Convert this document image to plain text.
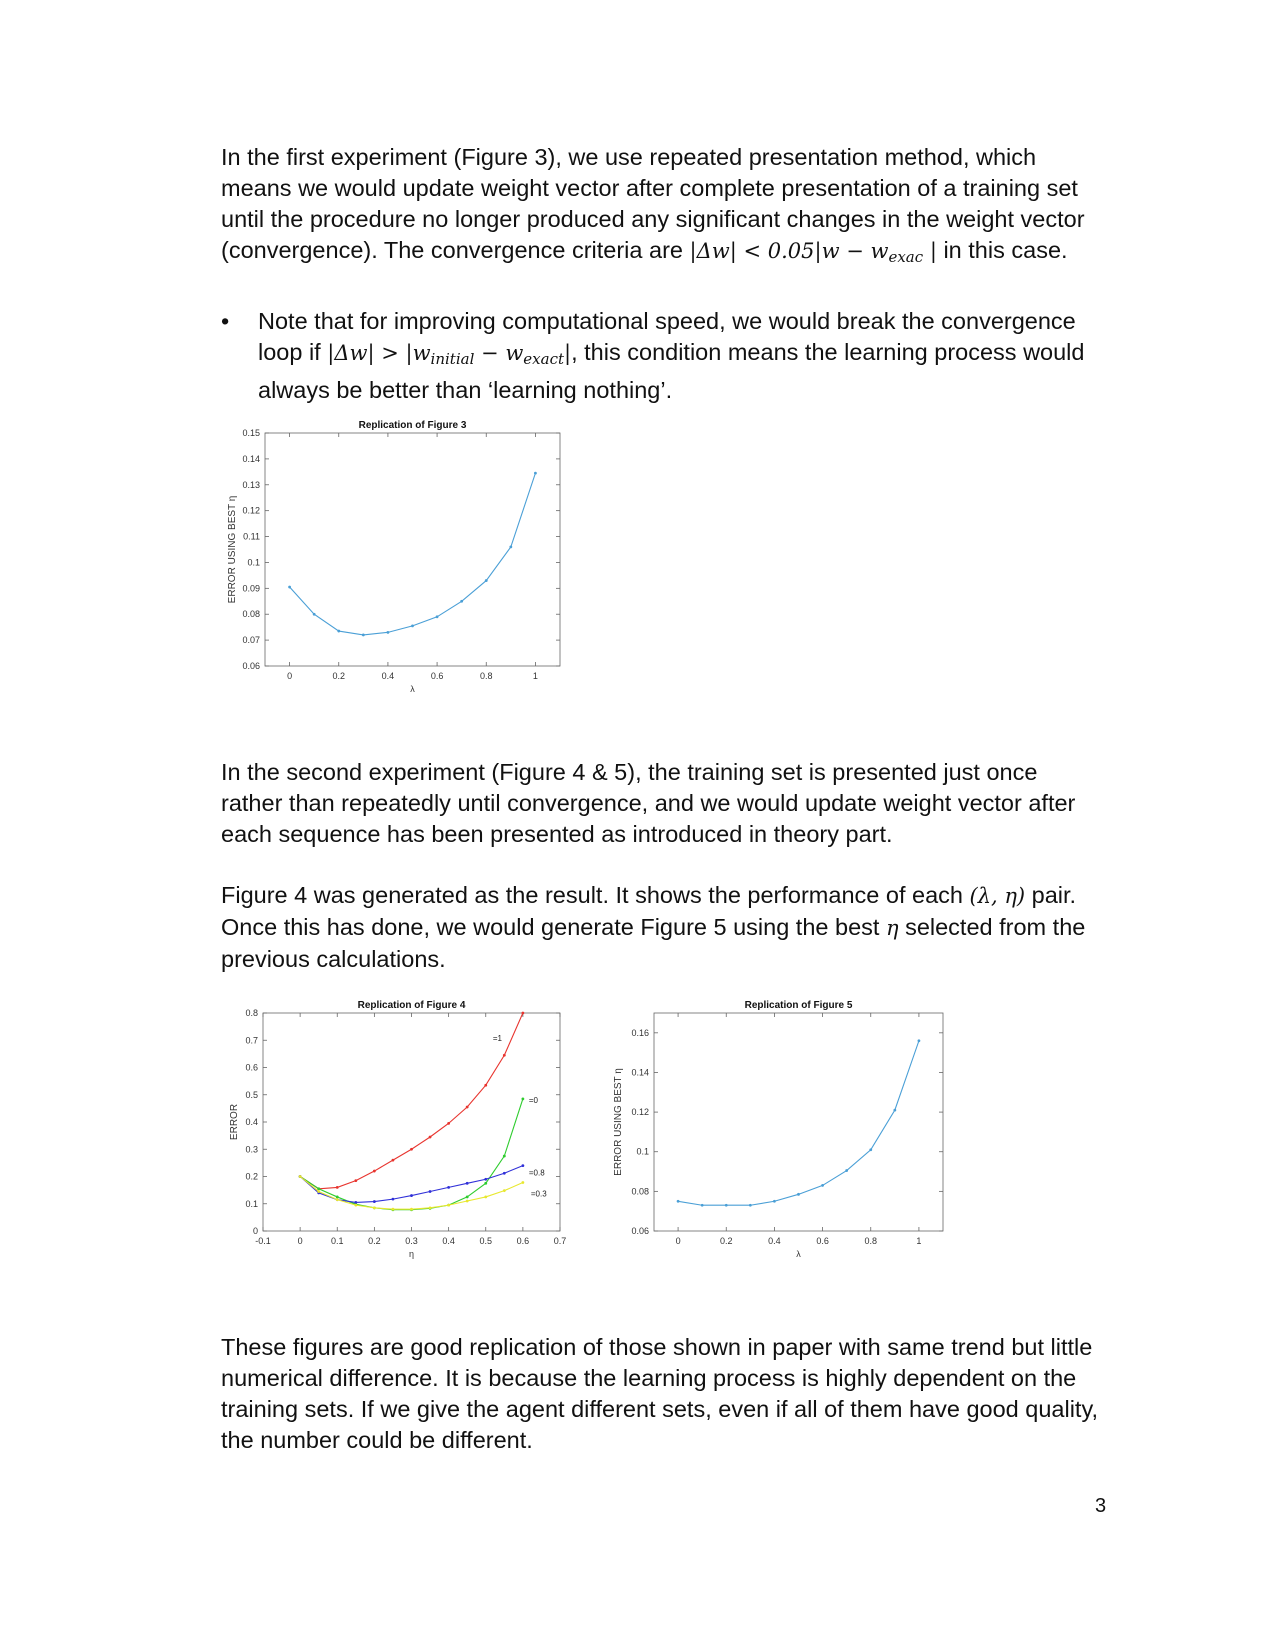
In the first experiment (Figure 3), we use repeated presentation method, which means we would update weight vector after complete presentation of a training set until the procedure no longer produced any significant changes in the weight vector (convergence). The convergence criteria are $|\Delta w| < 0.05|w - w_{exac}$ | in this case.

• Note that for improving computational speed, we would break the convergence loop if $|\Delta w| > |w_{initial} - w_{exact}|$, this condition means the learning process would always be better than ‘learning nothing’.

Replication of Figure 3
0	0.2	0.4	0.6	0.8	1
0.06
0.07
0.08
0.09
0.1
0.11
0.12
0.13
0.14
0.15
λ
ERROR USING BEST η

In the second experiment (Figure 4 & 5), the training set is presented just once rather than repeatedly until convergence, and we would update weight vector after each sequence has been presented as introduced in theory part.

Figure 4 was generated as the result. It shows the performance of each (λ, η) pair. Once this has done, we would generate Figure 5 using the best η selected from the previous calculations.

Replication of Figure 4
-0.1	0	0.1	0.2	0.3	0.4	0.5	0.6	0.7
0
0.1
0.2
0.3
0.4
0.5
0.6
0.7
0.8
η
ERROR
=1
=0
=0.8
=0.3
Replication of Figure 5
0	0.2	0.4	0.6	0.8	1
0.06
0.08
0.1
0.12
0.14
0.16
λ
ERROR USING BEST η

These figures are good replication of those shown in paper with same trend but little numerical difference. It is because the learning process is highly dependent on the training sets. If we give the agent different sets, even if all of them have good quality, the number could be different.

3
